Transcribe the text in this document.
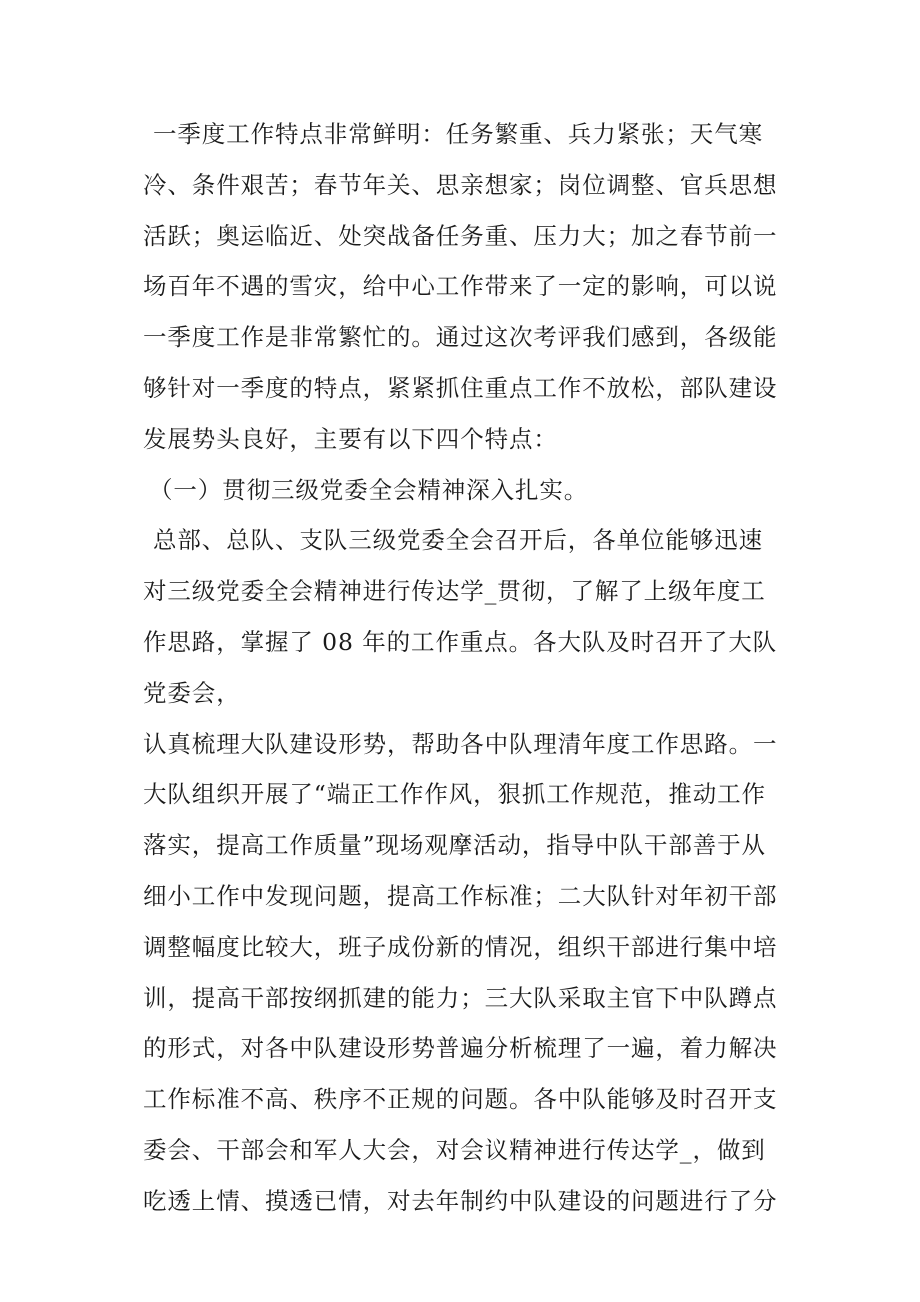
一季度工作特点非常鲜明：任务繁重、兵力紧张；天气寒
冷、条件艰苦；春节年关、思亲想家；岗位调整、官兵思想
活跃；奥运临近、处突战备任务重、压力大；加之春节前一
场百年不遇的雪灾，给中心工作带来了一定的影响，可以说
一季度工作是非常繁忙的。通过这次考评我们感到，各级能
够针对一季度的特点，紧紧抓住重点工作不放松，部队建设
发展势头良好，主要有以下四个特点：
（一）贯彻三级党委全会精神深入扎实。
总部、总队、支队三级党委全会召开后，各单位能够迅速
对三级党委全会精神进行传达学_贯彻，了解了上级年度工
作思路，掌握了 08 年的工作重点。各大队及时召开了大队
党委会，
认真梳理大队建设形势，帮助各中队理清年度工作思路。一
大队组织开展了“端正工作作风，狠抓工作规范，推动工作
落实，提高工作质量”现场观摩活动，指导中队干部善于从
细小工作中发现问题，提高工作标准；二大队针对年初干部
调整幅度比较大，班子成份新的情况，组织干部进行集中培
训，提高干部按纲抓建的能力；三大队采取主官下中队蹲点
的形式，对各中队建设形势普遍分析梳理了一遍，着力解决
工作标准不高、秩序不正规的问题。各中队能够及时召开支
委会、干部会和军人大会，对会议精神进行传达学_，做到
吃透上情、摸透已情，对去年制约中队建设的问题进行了分
